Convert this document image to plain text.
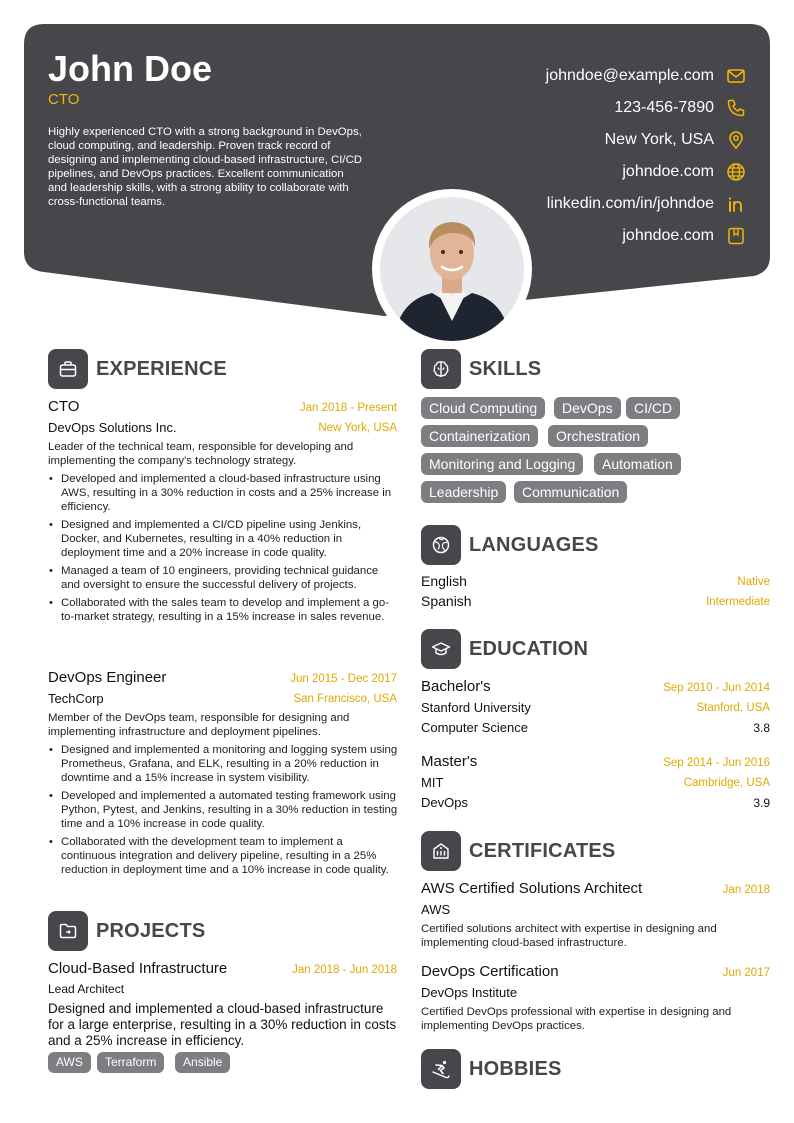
John Doe
CTO
Highly experienced CTO with a strong background in DevOps, cloud computing, and leadership. Proven track record of designing and implementing cloud-based infrastructure, CI/CD pipelines, and DevOps practices. Excellent communication and leadership skills, with a strong ability to collaborate with cross-functional teams.
johndoe@example.com
123-456-7890
New York, USA
johndoe.com
linkedin.com/in/johndoe
johndoe.com
EXPERIENCE
CTO	Jan 2018 - Present
DevOps Solutions Inc.	New York, USA
Leader of the technical team, responsible for developing and implementing the company's technology strategy.
• Developed and implemented a cloud-based infrastructure using AWS, resulting in a 30% reduction in costs and a 25% increase in efficiency.
• Designed and implemented a CI/CD pipeline using Jenkins, Docker, and Kubernetes, resulting in a 40% reduction in deployment time and a 20% increase in code quality.
• Managed a team of 10 engineers, providing technical guidance and oversight to ensure the successful delivery of projects.
• Collaborated with the sales team to develop and implement a go-to-market strategy, resulting in a 15% increase in sales revenue.
DevOps Engineer	Jun 2015 - Dec 2017
TechCorp	San Francisco, USA
Member of the DevOps team, responsible for designing and implementing infrastructure and deployment pipelines.
• Designed and implemented a monitoring and logging system using Prometheus, Grafana, and ELK, resulting in a 20% reduction in downtime and a 15% increase in system visibility.
• Developed and implemented a automated testing framework using Python, Pytest, and Jenkins, resulting in a 30% reduction in testing time and a 10% increase in code quality.
• Collaborated with the development team to implement a continuous integration and delivery pipeline, resulting in a 25% reduction in deployment time and a 10% increase in code quality.
PROJECTS
Cloud-Based Infrastructure	Jan 2018 - Jun 2018
Lead Architect
Designed and implemented a cloud-based infrastructure for a large enterprise, resulting in a 30% reduction in costs and a 25% increase in efficiency.
AWS	Terraform	Ansible
SKILLS
Cloud Computing	DevOps	CI/CD
Containerization	Orchestration
Monitoring and Logging	Automation
Leadership	Communication
LANGUAGES
English	Native
Spanish	Intermediate
EDUCATION
Bachelor's	Sep 2010 - Jun 2014
Stanford University	Stanford, USA
Computer Science	3.8
Master's	Sep 2014 - Jun 2016
MIT	Cambridge, USA
DevOps	3.9
CERTIFICATES
AWS Certified Solutions Architect	Jan 2018
AWS
Certified solutions architect with expertise in designing and implementing cloud-based infrastructure.
DevOps Certification	Jun 2017
DevOps Institute
Certified DevOps professional with expertise in designing and implementing DevOps practices.
HOBBIES
